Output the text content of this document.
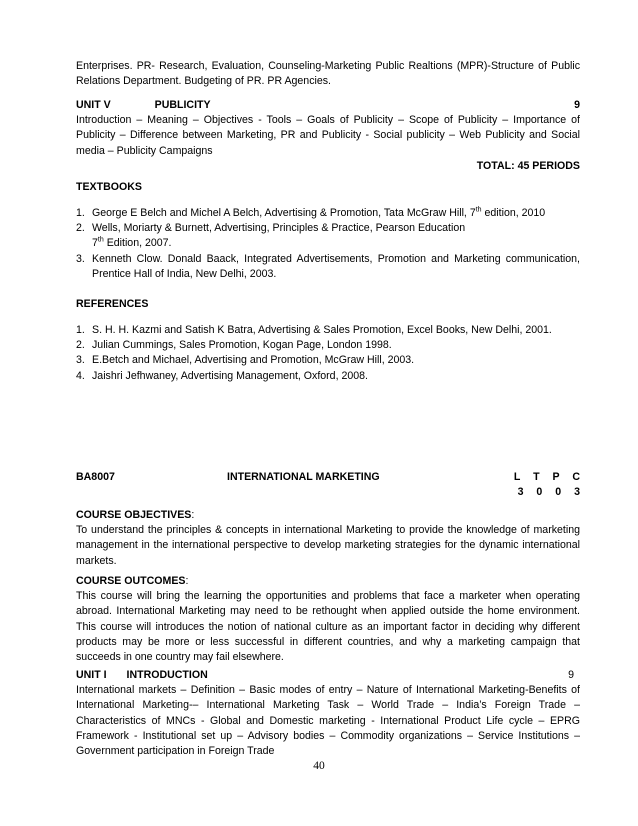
Enterprises. PR- Research, Evaluation, Counseling-Marketing Public Realtions (MPR)-Structure of Public Relations Department. Budgeting of PR. PR Agencies.
UNIT V	PUBLICITY	9
Introduction – Meaning – Objectives - Tools – Goals of Publicity – Scope of Publicity – Importance of Publicity – Difference between Marketing, PR and Publicity - Social publicity – Web Publicity and Social media – Publicity Campaigns
TOTAL: 45 PERIODS
TEXTBOOKS
1. George E Belch and Michel A Belch, Advertising & Promotion, Tata McGraw Hill, 7th edition, 2010
2. Wells, Moriarty & Burnett, Advertising, Principles & Practice, Pearson Education
7th Edition, 2007.
3. Kenneth Clow. Donald Baack, Integrated Advertisements, Promotion and Marketing communication, Prentice Hall of India, New Delhi, 2003.
REFERENCES
1. S. H. H. Kazmi and Satish K Batra, Advertising & Sales Promotion, Excel Books, New Delhi, 2001.
2. Julian Cummings, Sales Promotion, Kogan Page, London 1998.
3. E.Betch and Michael, Advertising and Promotion, McGraw Hill, 2003.
4. Jaishri Jefhwaney, Advertising Management, Oxford, 2008.
BA8007	INTERNATIONAL MARKETING	L T P C
3 0 0 3
COURSE OBJECTIVES:
To understand the principles & concepts in international Marketing to provide the knowledge of marketing management in the international perspective to develop marketing strategies for the dynamic international markets.
COURSE OUTCOMES:
This course will bring the learning the opportunities and problems that face a marketer when operating abroad. International Marketing may need to be rethought when applied outside the home environment. This course will introduces the notion of national culture as an important factor in deciding why different products may be more or less successful in different countries, and why a marketing campaign that succeeds in one country may fail elsewhere.
UNIT I INTRODUCTION	9
International markets – Definition – Basic modes of entry – Nature of International Marketing-Benefits of International Marketing-– International Marketing Task – World Trade – India’s Foreign Trade – Characteristics of MNCs - Global and Domestic marketing - International Product Life cycle – EPRG Framework - Institutional set up – Advisory bodies – Commodity organizations – Service Institutions – Government participation in Foreign Trade
40
